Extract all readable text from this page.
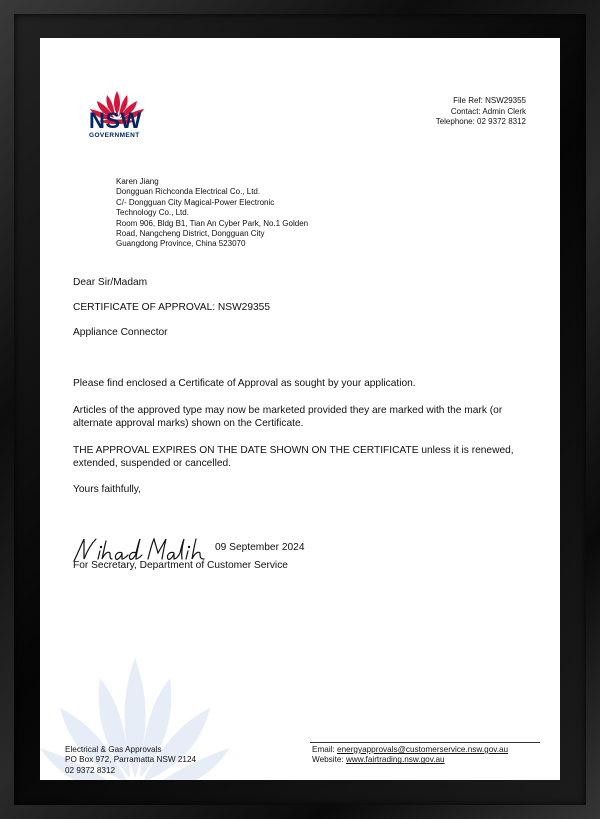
NSW
GOVERNMENT
File Ref: NSW29355
Contact: Admin Clerk
Telephone: 02 9372 8312
Karen Jiang
Dongguan Richconda Electrical Co., Ltd.
C/- Dongguan City Magical-Power Electronic
Technology Co., Ltd.
Room 906, Bldg B1, Tian An Cyber Park, No.1 Golden
Road, Nangcheng District, Dongguan City
Guangdong Province, China 523070
Dear Sir/Madam
CERTIFICATE OF APPROVAL: NSW29355
Appliance Connector
Please find enclosed a Certificate of Approval as sought by your application.
Articles of the approved type may now be marketed provided they are marked with the mark (or alternate approval marks) shown on the Certificate.
THE APPROVAL EXPIRES ON THE DATE SHOWN ON THE CERTIFICATE unless it is renewed, extended, suspended or cancelled.
Yours faithfully,
09 September 2024
For Secretary, Department of Customer Service
Electrical & Gas Approvals
PO Box 972, Parramatta NSW 2124
02 9372 8312
Email: energyapprovals@customerservice.nsw.gov.au
Website: www.fairtrading.nsw.gov.au
